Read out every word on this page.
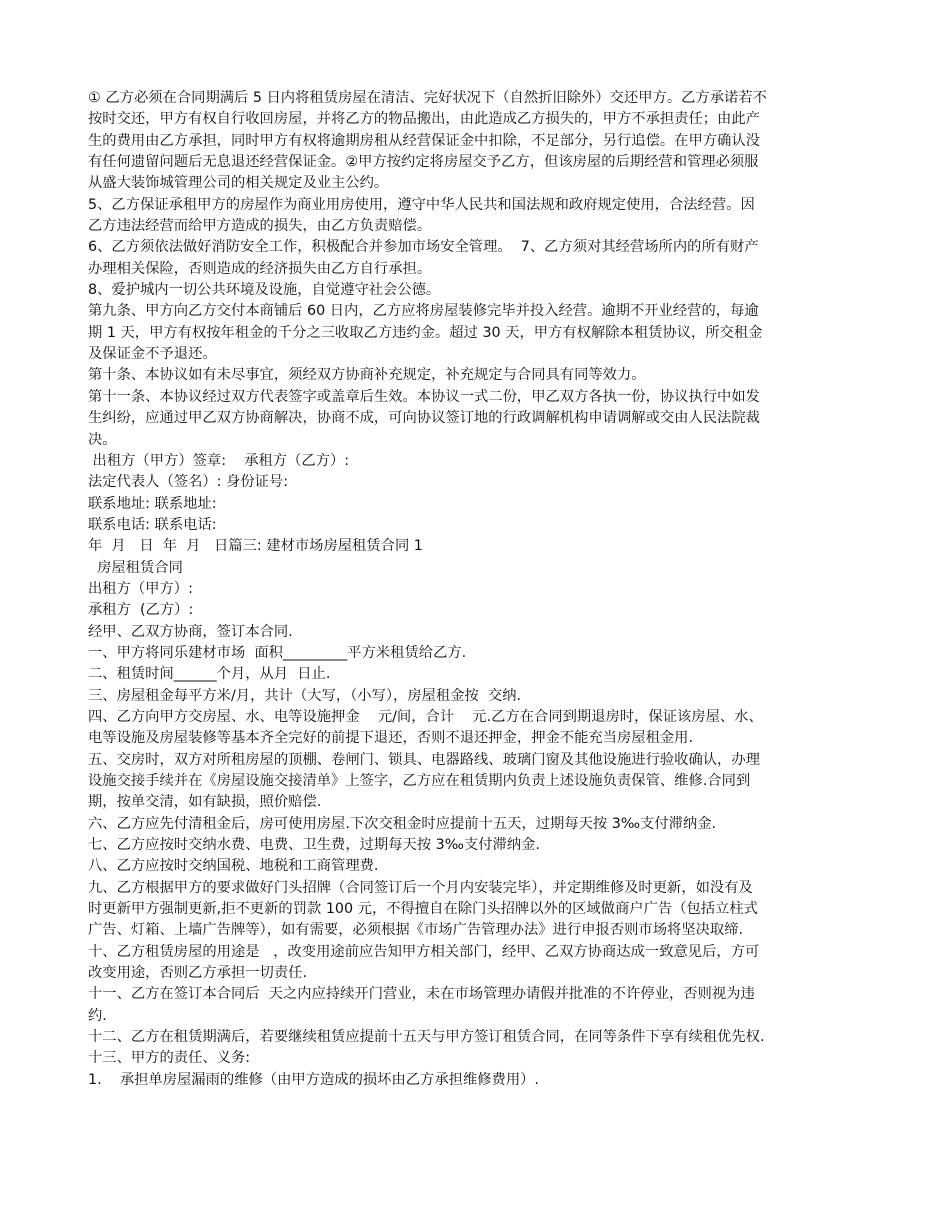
① 乙方必须在合同期满后 5 日内将租赁房屋在清洁、完好状况下（自然折旧除外）交还甲方。乙方承诺若不
按时交还，甲方有权自行收回房屋，并将乙方的物品搬出，由此造成乙方损失的，甲方不承担责任；由此产
生的费用由乙方承担，同时甲方有权将逾期房租从经营保证金中扣除，不足部分，另行追偿。在甲方确认没
有任何遗留问题后无息退还经营保证金。②甲方按约定将房屋交予乙方，但该房屋的后期经营和管理必须服
从盛大装饰城管理公司的相关规定及业主公约。
5、乙方保证承租甲方的房屋作为商业用房使用，遵守中华人民共和国法规和政府规定使用，合法经营。因
乙方违法经营而给甲方造成的损失，由乙方负责赔偿。
6、乙方须依法做好消防安全工作，积极配合并参加市场安全管理。  7、乙方须对其经营场所内的所有财产
办理相关保险，否则造成的经济损失由乙方自行承担。
8、爱护城内一切公共环境及设施，自觉遵守社会公德。
第九条、甲方向乙方交付本商铺后 60 日内，乙方应将房屋装修完毕并投入经营。逾期不开业经营的，每逾
期 1 天，甲方有权按年租金的千分之三收取乙方违约金。超过 30 天，甲方有权解除本租赁协议，所交租金
及保证金不予退还。
第十条、本协议如有未尽事宜，须经双方协商补充规定，补充规定与合同具有同等效力。
第十一条、本协议经过双方代表签字或盖章后生效。本协议一式二份，甲乙双方各执一份，协议执行中如发
生纠纷，应通过甲乙双方协商解决，协商不成，可向协议签订地的行政调解机构申请调解或交由人民法院裁
决。
出租方（甲方）签章:    承租方（乙方）:
法定代表人（签名）: 身份证号:
联系地址: 联系地址:
联系电话: 联系电话:
年  月   日  年  月   日篇三: 建材市场房屋租赁合同 1
房屋租赁合同
出租方（甲方）:
承租方  (乙方）:
经甲、乙双方协商，签订本合同.
一、甲方将同乐建材市场  面积_________平方米租赁给乙方.
二、租赁时间______个月，从月  日止.
三、房屋租金每平方米/月，共计（大写，（小写），房屋租金按  交纳.
四、乙方向甲方交房屋、水、电等设施押金    元/间，合计    元.乙方在合同到期退房时，保证该房屋、水、
电等设施及房屋装修等基本齐全完好的前提下退还，否则不退还押金，押金不能充当房屋租金用.
五、交房时，双方对所租房屋的顶棚、卷闸门、锁具、电器路线、玻璃门窗及其他设施进行验收确认，办理
设施交接手续并在《房屋设施交接清单》上签字，乙方应在租赁期内负责上述设施负责保管、维修.合同到
期，按单交清，如有缺损，照价赔偿.
六、乙方应先付清租金后，房可使用房屋.下次交租金时应提前十五天，过期每天按 3‰支付滞纳金.
七、乙方应按时交纳水费、电费、卫生费，过期每天按 3‰支付滞纳金.
八、乙方应按时交纳国税、地税和工商管理费.
九、乙方根据甲方的要求做好门头招牌（合同签订后一个月内安装完毕），并定期维修及时更新，如没有及
时更新甲方强制更新,拒不更新的罚款 100 元，不得擅自在除门头招牌以外的区域做商户广告（包括立柱式
广告、灯箱、上墙广告牌等），如有需要，必须根据《市场广告管理办法》进行申报否则市场将坚决取缔.
十、乙方租赁房屋的用途是   ，改变用途前应告知甲方相关部门，经甲、乙双方协商达成一致意见后，方可
改变用途，否则乙方承担一切责任.
十一、乙方在签订本合同后  天之内应持续开门营业，未在市场管理办请假并批准的不许停业，否则视为违
约.
十二、乙方在租赁期满后，若要继续租赁应提前十五天与甲方签订租赁合同，在同等条件下享有续租优先权.
十三、甲方的责任、义务:
1.    承担单房屋漏雨的维修（由甲方造成的损坏由乙方承担维修费用）.
